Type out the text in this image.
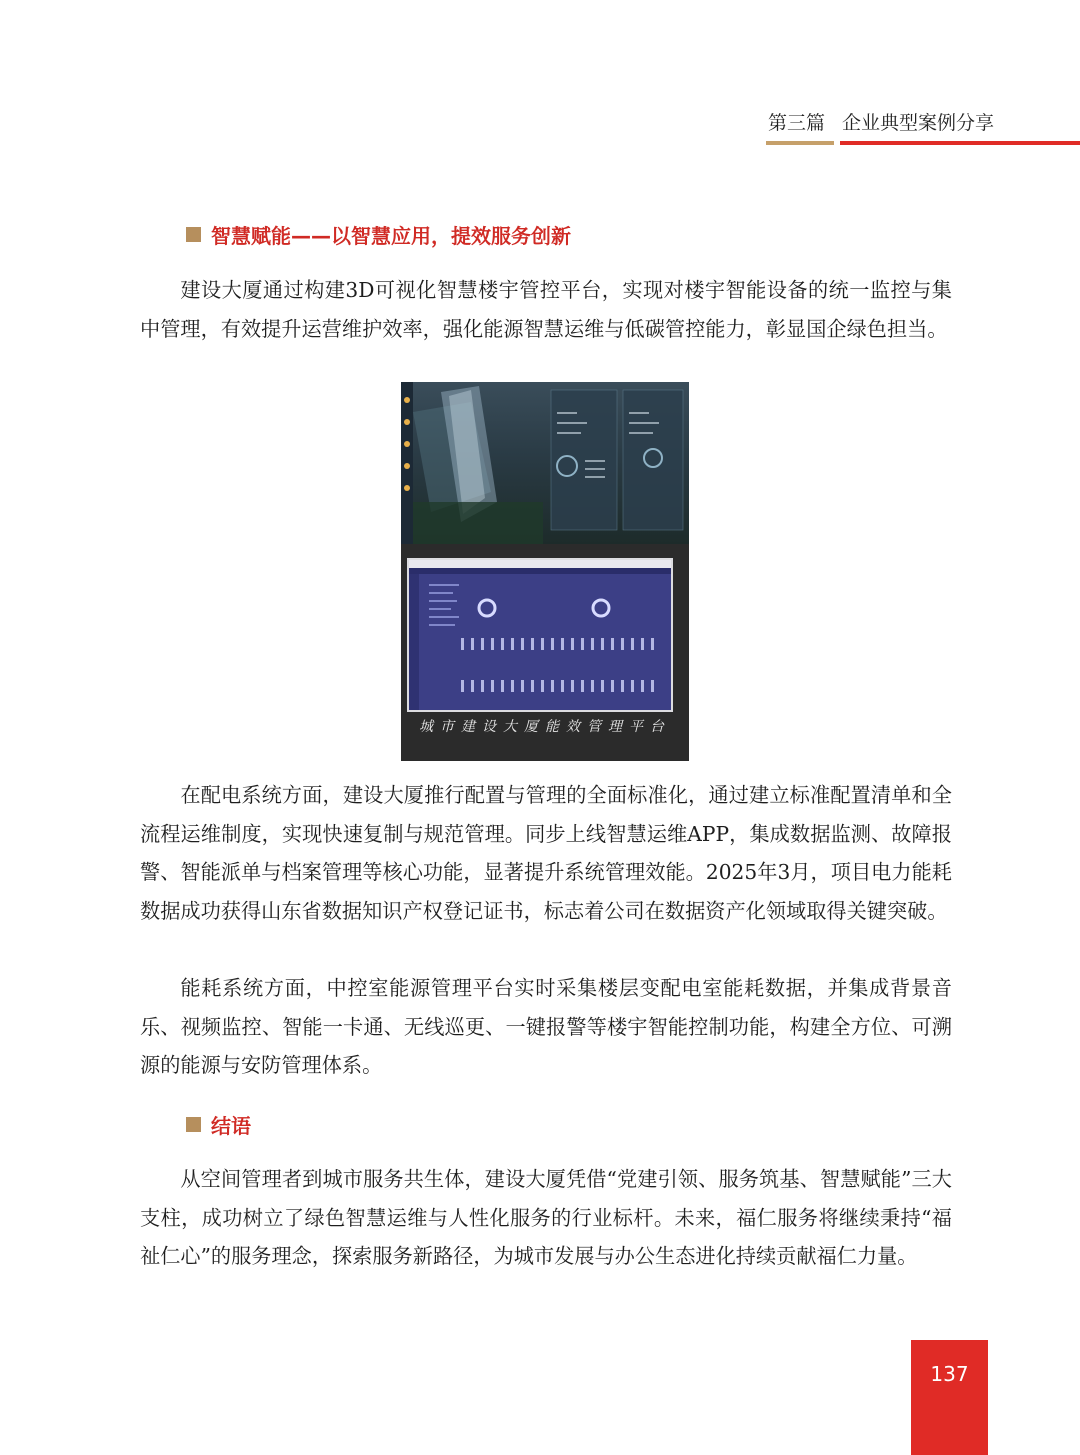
第三篇 企业典型案例分享
智慧赋能——以智慧应用，提效服务创新

建设大厦通过构建3D可视化智慧楼宇管控平台，实现对楼宇智能设备的统一监控与集中管理，有效提升运营维护效率，强化能源智慧运维与低碳管控能力，彰显国企绿色担当。

城市建设大厦能效管理平台

在配电系统方面，建设大厦推行配置与管理的全面标准化，通过建立标准配置清单和全流程运维制度，实现快速复制与规范管理。同步上线智慧运维APP，集成数据监测、故障报警、智能派单与档案管理等核心功能，显著提升系统管理效能。2025年3月，项目电力能耗数据成功获得山东省数据知识产权登记证书，标志着公司在数据资产化领域取得关键突破。

能耗系统方面，中控室能源管理平台实时采集楼层变配电室能耗数据，并集成背景音乐、视频监控、智能一卡通、无线巡更、一键报警等楼宇智能控制功能，构建全方位、可溯源的能源与安防管理体系。

结语

从空间管理者到城市服务共生体，建设大厦凭借“党建引领、服务筑基、智慧赋能”三大支柱，成功树立了绿色智慧运维与人性化服务的行业标杆。未来，福仁服务将继续秉持“福祉仁心”的服务理念，探索服务新路径，为城市发展与办公生态进化持续贡献福仁力量。

137
